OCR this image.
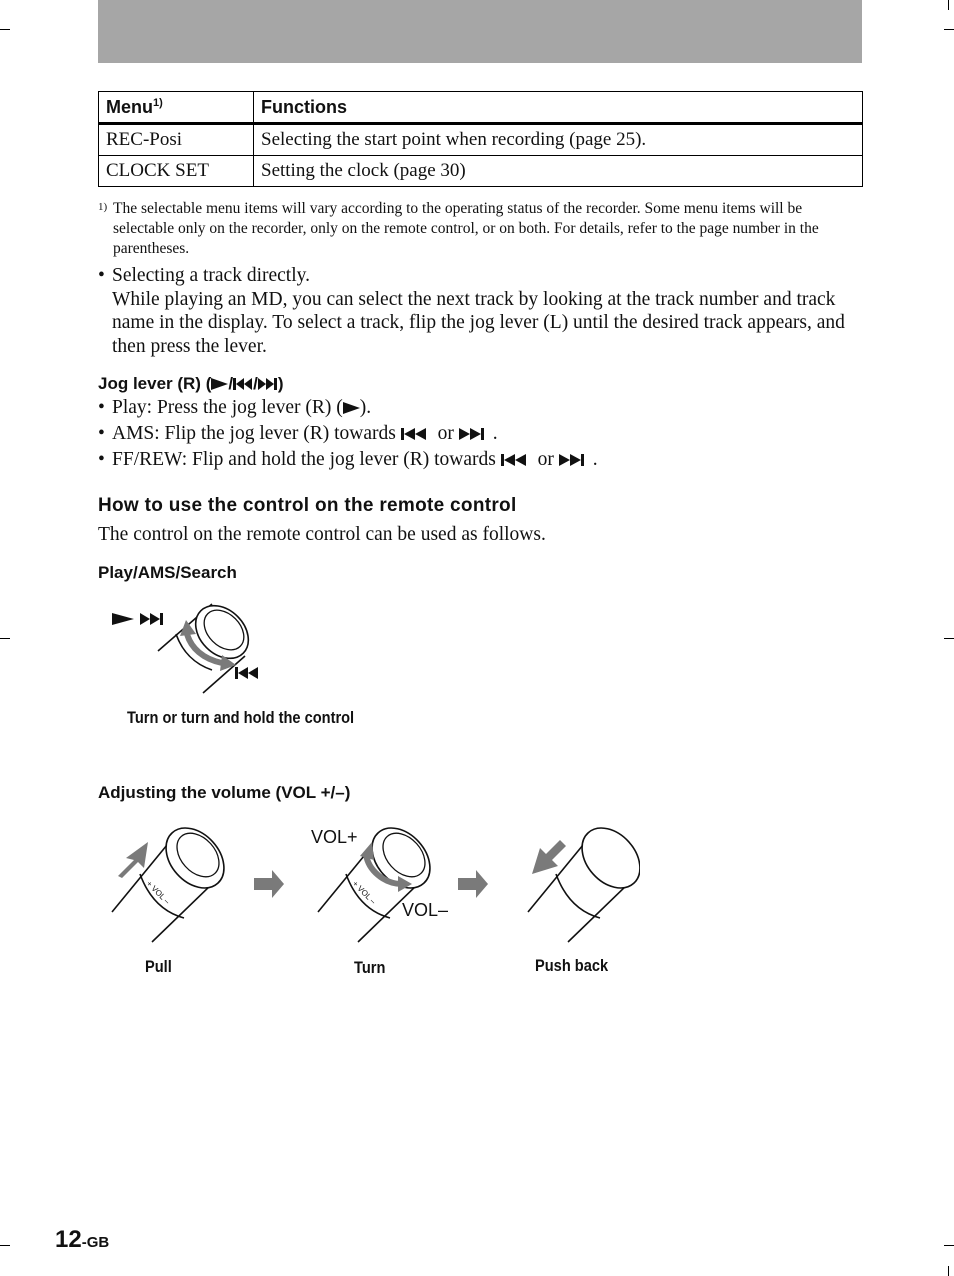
Menu$^{1)}$	Functions
REC-Posi	Selecting the start point when recording (page 25).
CLOCK SET	Setting the clock (page 30)
1) The selectable menu items will vary according to the operating status of the recorder. Some menu items will be selectable only on the recorder, only on the remote control, or on both. For details, refer to the page number in the parentheses.
• Selecting a track directly.
While playing an MD, you can select the next track by looking at the track number and track name in the display. To select a track, flip the jog lever (L) until the desired track appears, and then press the lever.
Jog lever (R) ( / / )
• Play: Press the jog lever (R) ( ).
• AMS: Flip the jog lever (R) towards or .
• FF/REW: Flip and hold the jog lever (R) towards or .
How to use the control on the remote control
The control on the remote control can be used as follows.
Play/AMS/Search
Turn or turn and hold the control
Adjusting the volume (VOL +/–)
+ VOL –	+ VOL –
VOL+
VOL–
Pull	Turn	Push back
12-GB
